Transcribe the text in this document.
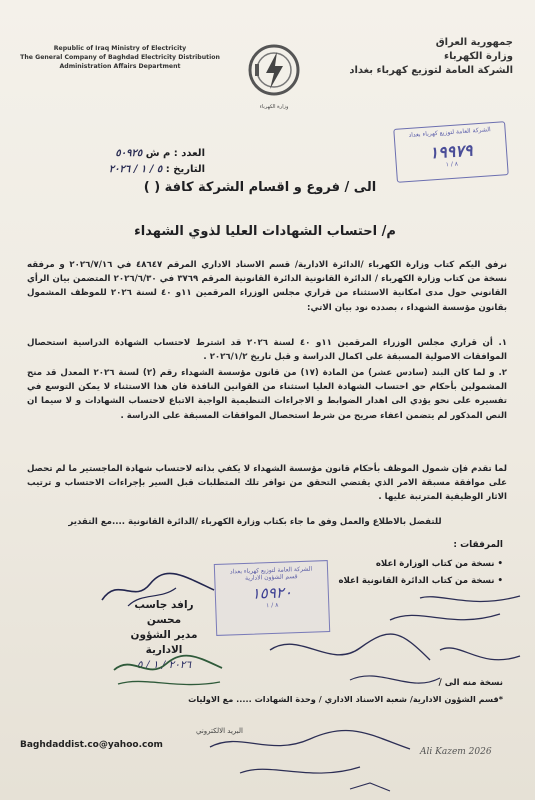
Republic of Iraq Ministry of Electricity
The General Company of Baghdad Electricity Distribution
Administration Affairs Department
وزارة الكهرباء
جمهورية العراق
وزارة الكهرباء
الشركة العامة لتوزيع كهرباء بغداد
العدد : م ش ٥٠٩٢٥
التاريخ : ٥ / ١ / ٢٠٢٦
الشركة العامة لتوزيع كهرباء بغداد
١٩٩٧٩
٨ / ١
الى / فروع و اقسام الشركة كافة ( )
م/ احتساب الشهادات العليا لذوي الشهداء
نرفق اليكم كتاب وزارة الكهرباء /الدائرة الادارية/ قسم الاسناد الاداري المرقم ٤٨٦٤٧ في ٢٠٢٦/٧/١٦ و مرفقه نسخة من كتاب وزارة الكهرباء / الدائرة القانونية الدائرة القانونية المرقم ٣٧٦٩ في ٢٠٢٦/٦/٣٠ المتضمن بيان الرأي القانوني حول مدى امكانية الاستثناء من قراري مجلس الوزراء المرقمين ١١و ٤٠ لسنة ٢٠٢٦ للموظف المشمول بقانون مؤسسة الشهداء ، بصدده نود بيان الاتي:
١. أن قراري مجلس الوزراء المرقمين ١١و ٤٠ لسنة ٢٠٢٦ قد اشترط لاحتساب الشهادة الدراسية استحصال الموافقات الاصولية المسبقة على اكمال الدراسة و قبل تاريخ ٢٠٢٦/١/٢ .
٢. و لما كان البند (سادس عشر) من المادة (١٧) من قانون مؤسسة الشهداء رقم (٢) لسنة ٢٠٢٦ المعدل قد منح المشمولين بأحكام حق احتساب الشهادة العليا استثناء من القوانين النافذة فان هذا الاستثناء لا يمكن التوسع في تفسيره على نحو يؤدي الى اهدار الضوابط و الاجراءات التنظيمية الواجبة الاتباع لاحتساب الشهادات و لا سيما ان النص المذكور لم يتضمن اعفاء صريح من شرط استحصال الموافقات المسبقة على الدراسة .
لما تقدم فإن شمول الموظف بأحكام قانون مؤسسة الشهداء لا يكفي بذاته لاحتساب شهادة الماجستير ما لم تحصل على موافقة مسبقة الامر الذي يقتضي التحقق من توافر تلك المتطلبات قبل السير بإجراءات الاحتساب و ترتيب الاثار الوظيفية المترتبة عليها .
للتفضل بالاطلاع والعمل وفق ما جاء بكتاب وزارة الكهرباء /الدائرة القانونية ....مع التقدير
المرفقات :
• نسخة من كتاب الوزارة اعلاه
• نسخة من كتاب الدائرة القانونية اعلاه
الشركة العامة لتوزيع كهرباء بغداد
قسم الشؤون الادارية
١٥٩٢٠
٨ / ١
رافد جاسب محسن
مدير الشؤون الادارية
٢٠٢٦ / ١ / ٥
نسخة منه الى /
*قسم الشؤون الادارية/ شعبة الاسناد الاداري / وحدة الشهادات ..... مع الاوليات
البريد الالكتروني
Baghdaddist.co@yahoo.com
Ali Kazem 2026
